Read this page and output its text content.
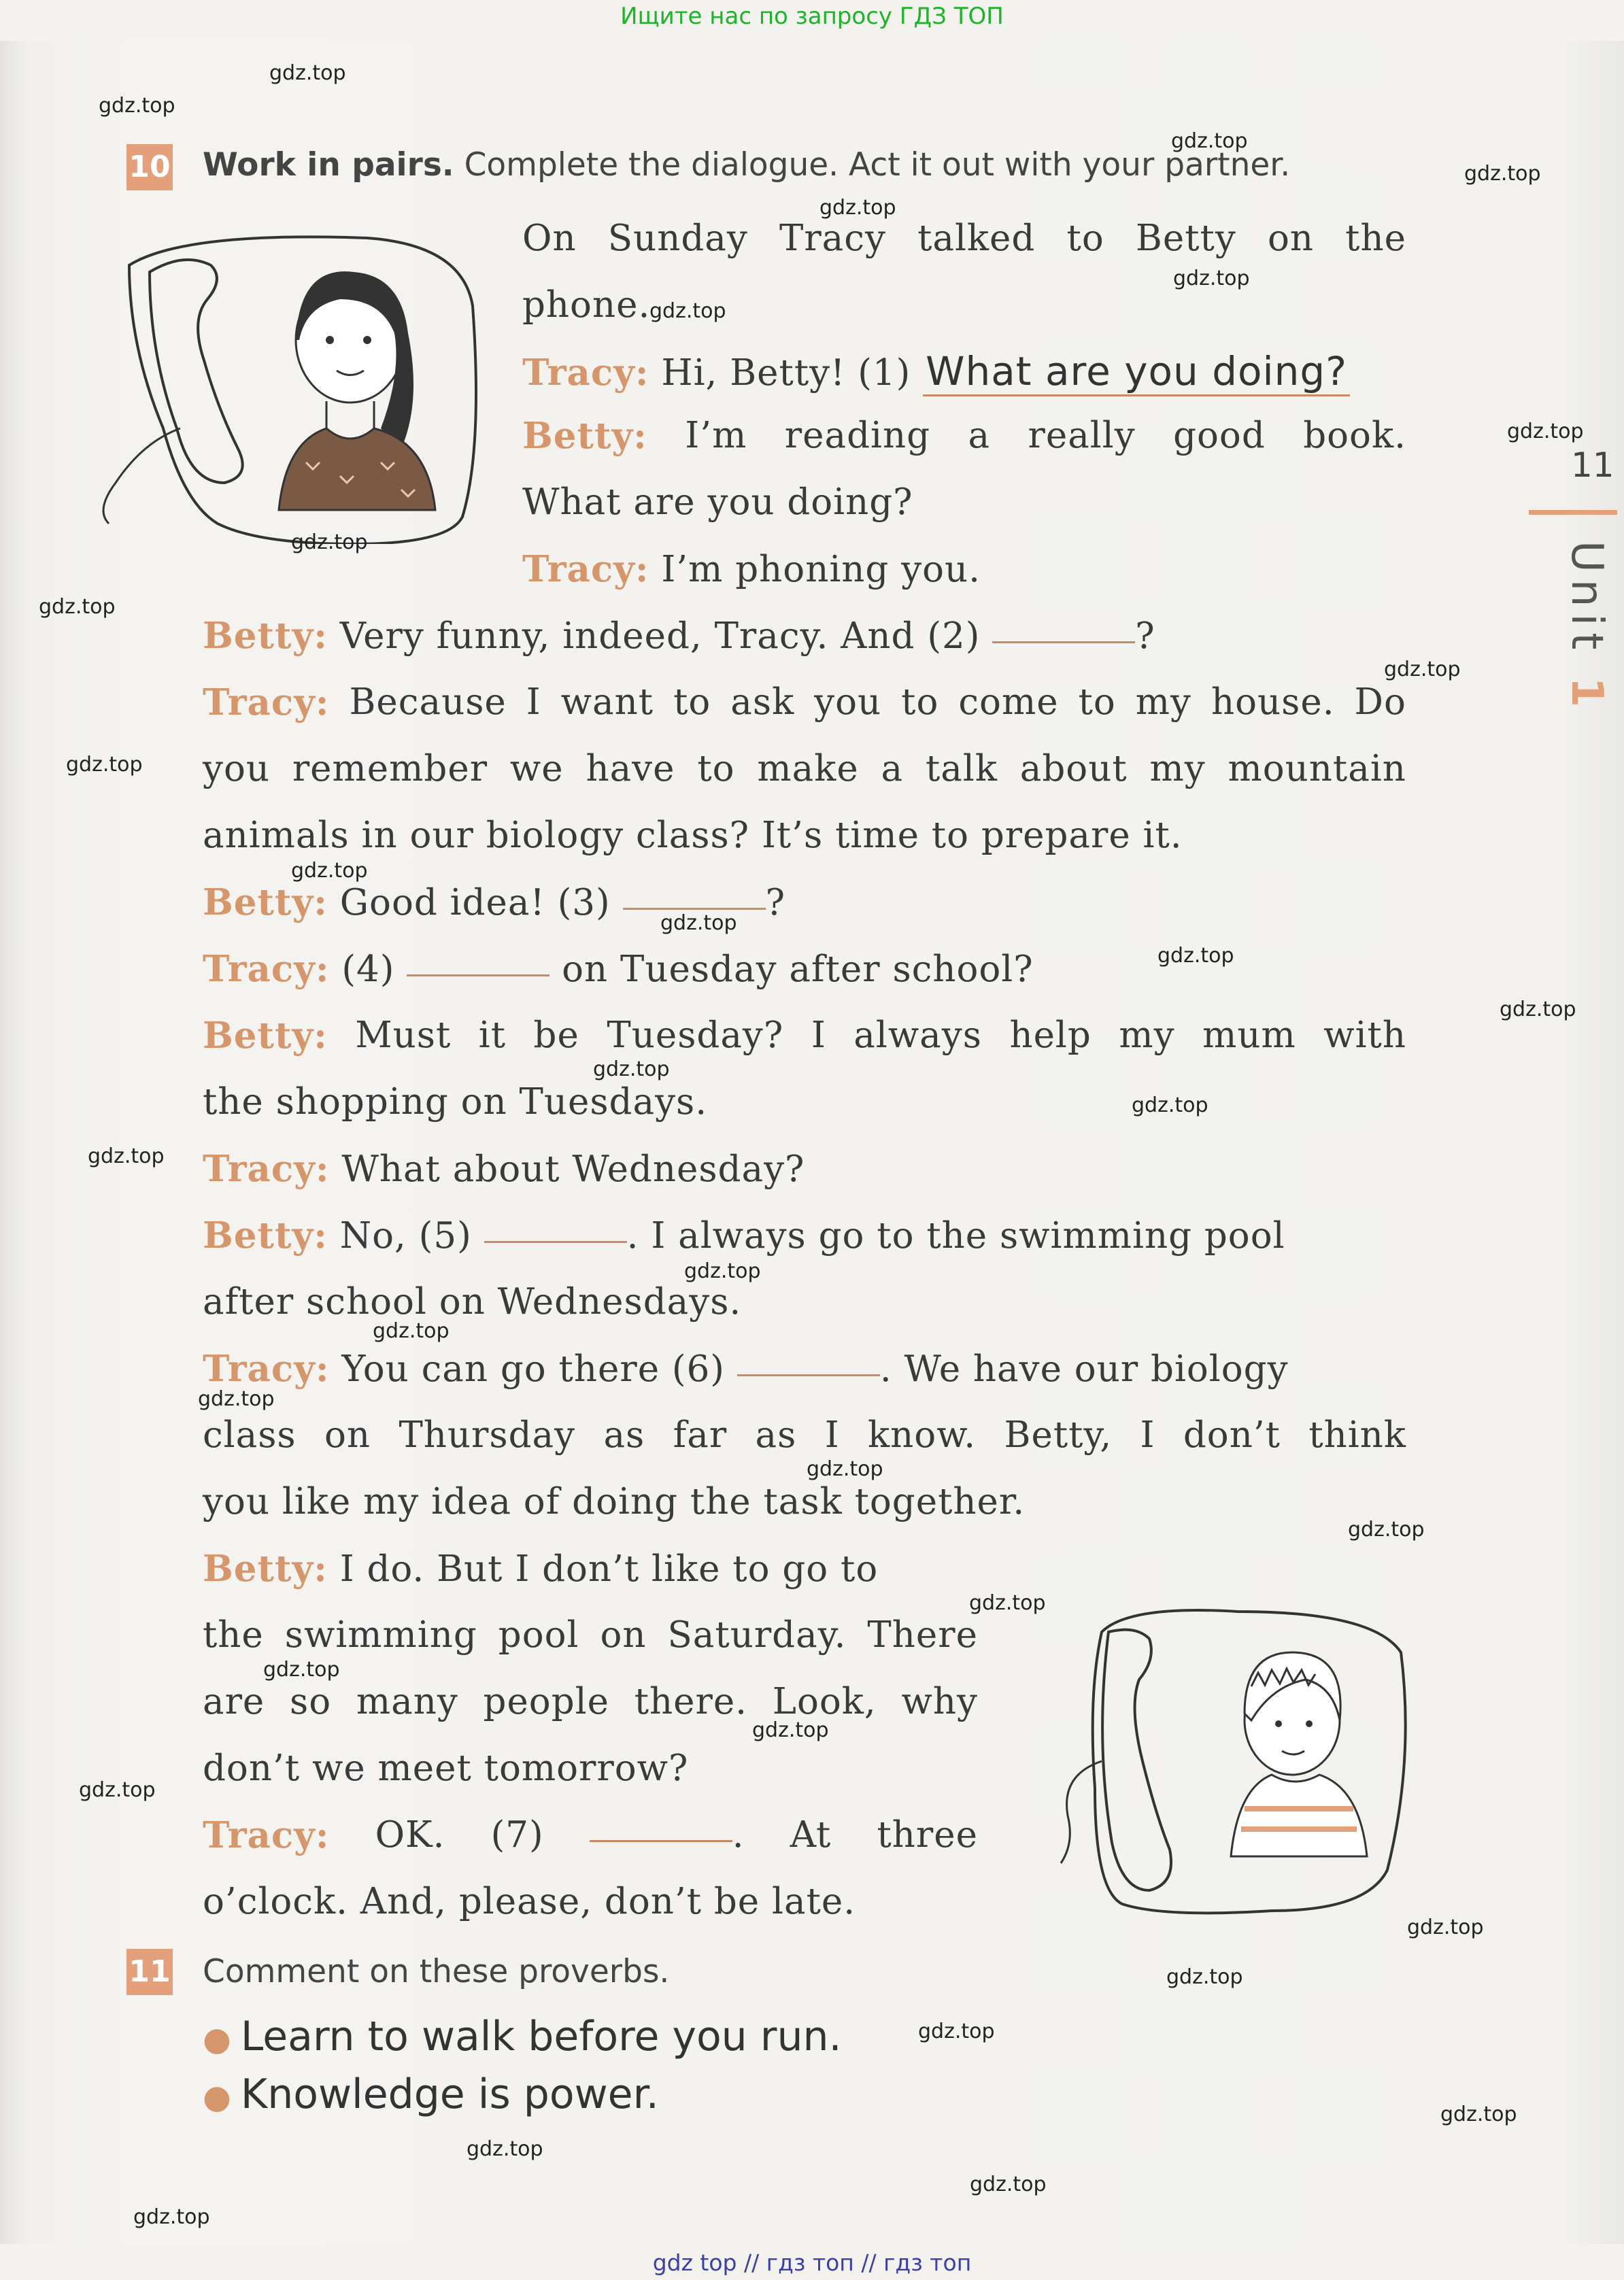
Ищите нас по запросу ГДЗ ТОП
11
Unit 1
10 Work in pairs. Complete the dialogue. Act it out with your partner.
On Sunday Tracy talked to Betty on the
phone.
Tracy: Hi, Betty! (1) What are you doing?
Betty: I’m reading a really good book.
What are you doing?
Tracy: I’m phoning you.
Betty: Very funny, indeed, Tracy. And (2)	?
Tracy: Because I want to ask you to come to my house. Do
you remember we have to make a talk about my mountain
animals in our biology class? It’s time to prepare it.
Betty: Good idea! (3)	?
Tracy: (4)	on Tuesday after school?
Betty: Must it be Tuesday? I always help my mum with
the shopping on Tuesdays.
Tracy: What about Wednesday?
Betty: No, (5)	. I always go to the swimming pool
after school on Wednesdays.
Tracy: You can go there (6)	. We have our biology
class on Thursday as far as I know. Betty, I don’t think
you like my idea of doing the task together.
Betty: I do. But I don’t like to go to
the swimming pool on Saturday. There
are so many people there. Look, why
don’t we meet tomorrow?
Tracy: OK. (7)	. At three
o’clock. And, please, don’t be late.
11 Comment on these proverbs.
● Learn to walk before you run.
● Knowledge is power.
gdz.top
gdz.top
gdz.top
gdz.top
gdz.top
gdz.top
gdz.top
gdz.top
gdz.top
gdz.top
gdz.top
gdz.top
gdz.top
gdz.top
gdz.top
gdz.top
gdz.top
gdz.top
gdz.top
gdz.top
gdz.top
gdz.top
gdz.top
gdz.top
gdz.top
gdz.top
gdz.top
gdz.top
gdz.top
gdz.top
gdz.top
gdz.top
gdz.top
gdz.top
gdz.top
gdz top // гдз топ // гдз топ
